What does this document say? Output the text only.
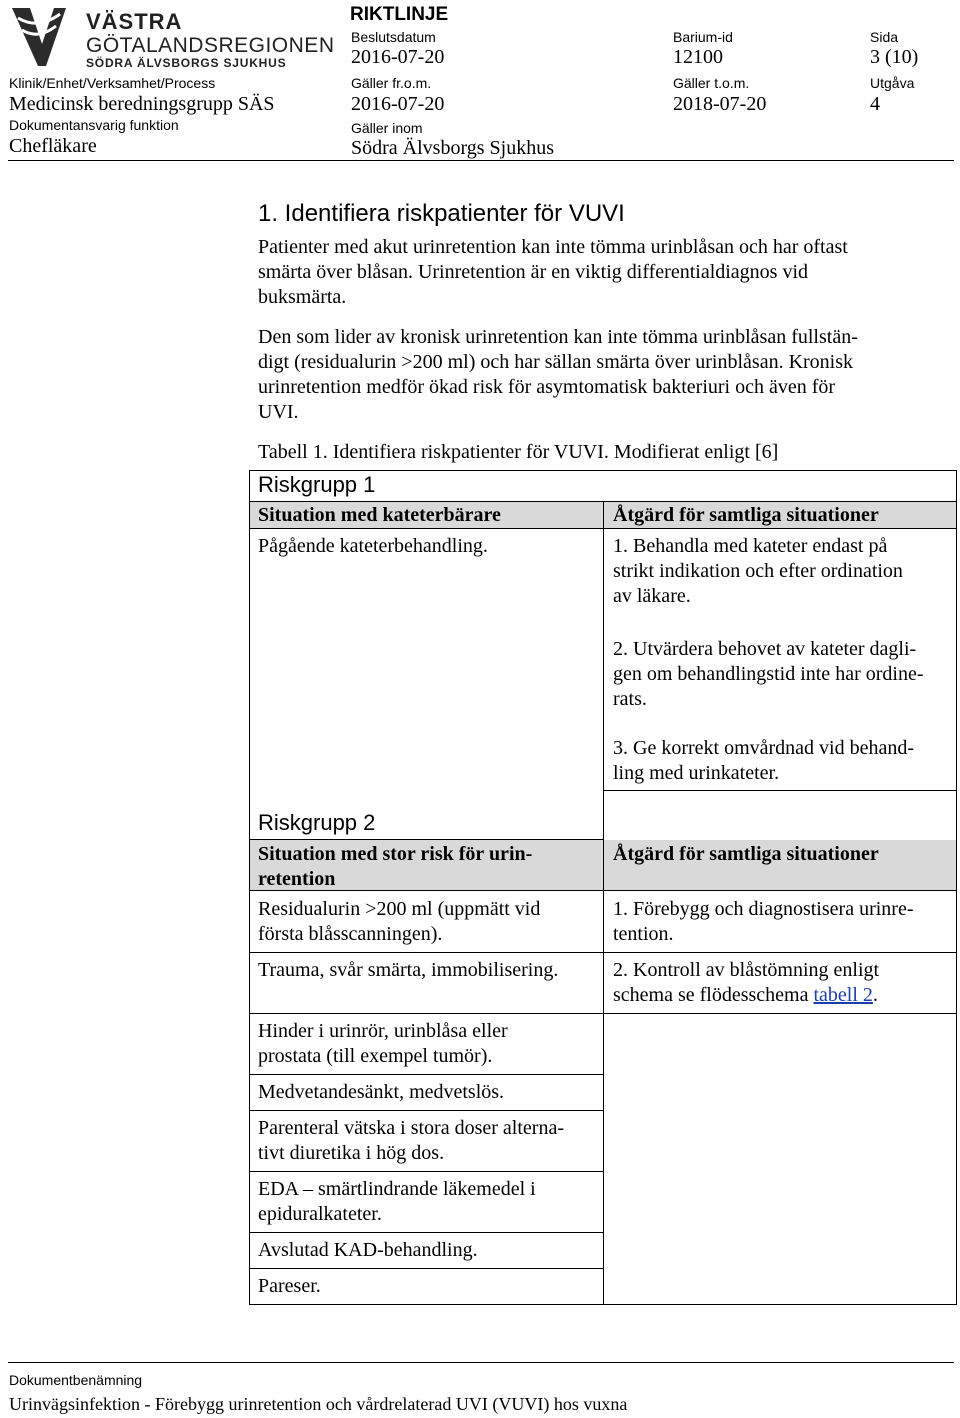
VÄSTRA
GÖTALANDSREGIONEN
SÖDRA ÄLVSBORGS SJUKHUS
RIKTLINJE
Beslutsdatum
2016-07-20
Barium-id
12100
Sida
3 (10)
Klinik/Enhet/Verksamhet/Process
Medicinsk beredningsgrupp SÄS
Gäller fr.o.m.
2016-07-20
Gäller t.o.m.
2018-07-20
Utgåva
4
Dokumentansvarig funktion
Chefläkare
Gäller inom
Södra Älvsborgs Sjukhus
1. Identifiera riskpatienter för VUVI
Patienter med akut urinretention kan inte tömma urinblåsan och har oftast
smärta över blåsan. Urinretention är en viktig differentialdiagnos vid
buksmärta.
Den som lider av kronisk urinretention kan inte tömma urinblåsan fullstän-
digt (residualurin >200 ml) och har sällan smärta över urinblåsan. Kronisk
urinretention medför ökad risk för asymtomatisk bakteriuri och även för
UVI.
Tabell 1. Identifiera riskpatienter för VUVI. Modifierat enligt [6]
Riskgrupp 1
Situation med kateterbärare	Åtgärd för samtliga situationer
Pågående kateterbehandling.	1. Behandla med kateter endast på
strikt indikation och efter ordination
av läkare.
2. Utvärdera behovet av kateter dagli-
gen om behandlingstid inte har ordine-
rats.
3. Ge korrekt omvårdnad vid behand-
ling med urinkateter.
Riskgrupp 2
Situation med stor risk för urin-
retention
Åtgärd för samtliga situationer
Residualurin >200 ml (uppmätt vid
första blåsscanningen).
Trauma, svår smärta, immobilisering.
Hinder i urinrör, urinblåsa eller
prostata (till exempel tumör).
Medvetandesänkt, medvetslös.
Parenteral vätska i stora doser alterna-
tivt diuretika i hög dos.
EDA – smärtlindrande läkemedel i
epiduralkateter.
Avslutad KAD-behandling.
Pareser.
1. Förebygg och diagnostisera urinre-
tention.
2. Kontroll av blåstömning enligt
schema se flödesschema tabell 2.
Dokumentbenämning
Urinvägsinfektion - Förebygg urinretention och vårdrelaterad UVI (VUVI) hos vuxna
